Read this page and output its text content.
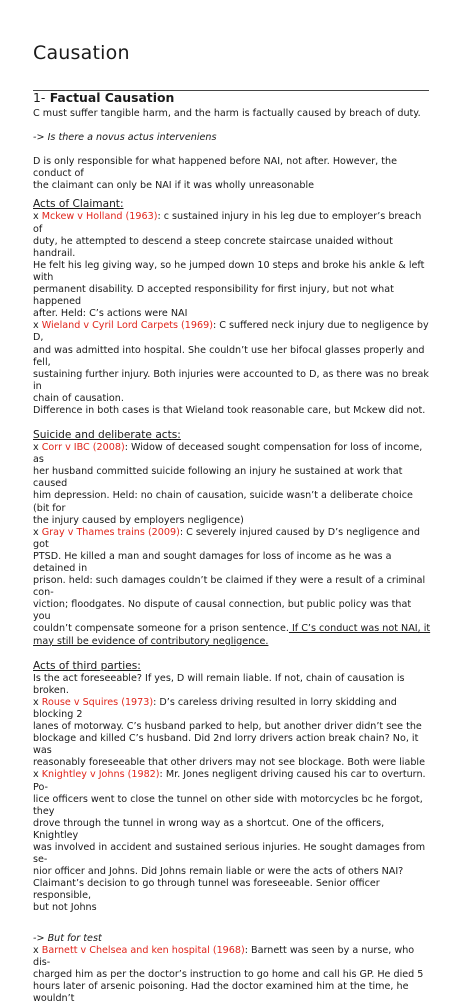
Causation
1- Factual Causation

C must suffer tangible harm, and the harm is factually caused by breach of duty.

-> Is there a novus actus interveniens

D is only responsible for what happened before NAI, not after. However, the conduct of

the claimant can only be NAI if it was wholly unreasonable

Acts of Claimant:

x Mckew v Holland (1963): c sustained injury in his leg due to employer’s breach of

duty, he attempted to descend a steep concrete staircase unaided without handrail.

He felt his leg giving way, so he jumped down 10 steps and broke his ankle & left with

permanent disability. D accepted responsibility for first injury, but not what happened

after. Held: C’s actions were NAI

x Wieland v Cyril Lord Carpets (1969): C suffered neck injury due to negligence by D,

and was admitted into hospital. She couldn’t use her bifocal glasses properly and fell,

sustaining further injury. Both injuries were accounted to D, as there was no break in

chain of causation.

Difference in both cases is that Wieland took reasonable care, but Mckew did not.

Suicide and deliberate acts:

x Corr v IBC (2008): Widow of deceased sought compensation for loss of income, as

her husband committed suicide following an injury he sustained at work that caused

him depression. Held: no chain of causation, suicide wasn’t a deliberate choice (bit for

the injury caused by employers negligence)

x Gray v Thames trains (2009): C severely injured caused by D’s negligence and got

PTSD. He killed a man and sought damages for loss of income as he was a detained in

prison. held: such damages couldn’t be claimed if they were a result of a criminal con-

viction; floodgates. No dispute of causal connection, but public policy was that you

couldn’t compensate someone for a prison sentence. If C’s conduct was not NAI, it

may still be evidence of contributory negligence.

Acts of third parties:

Is the act foreseeable? If yes, D will remain liable. If not, chain of causation is broken.

x Rouse v Squires (1973): D’s careless driving resulted in lorry skidding and blocking 2

lanes of motorway. C’s husband parked to help, but another driver didn’t see the

blockage and killed C’s husband. Did 2nd lorry drivers action break chain? No, it was

reasonably foreseeable that other drivers may not see blockage. Both were liable

x Knightley v Johns (1982): Mr. Jones negligent driving caused his car to overturn. Po-

lice officers went to close the tunnel on other side with motorcycles bc he forgot, they

drove through the tunnel in wrong way as a shortcut. One of the officers, Knightley

was involved in accident and sustained serious injuries. He sought damages from se-

nior officer and Johns. Did Johns remain liable or were the acts of others NAI?

Claimant’s decision to go through tunnel was foreseeable. Senior officer responsible,

but not Johns

-> But for test

x Barnett v Chelsea and ken hospital (1968): Barnett was seen by a nurse, who dis-

charged him as per the doctor’s instruction to go home and call his GP. He died 5

hours later of arsenic poisoning. Had the doctor examined him at the time, he wouldn’t
